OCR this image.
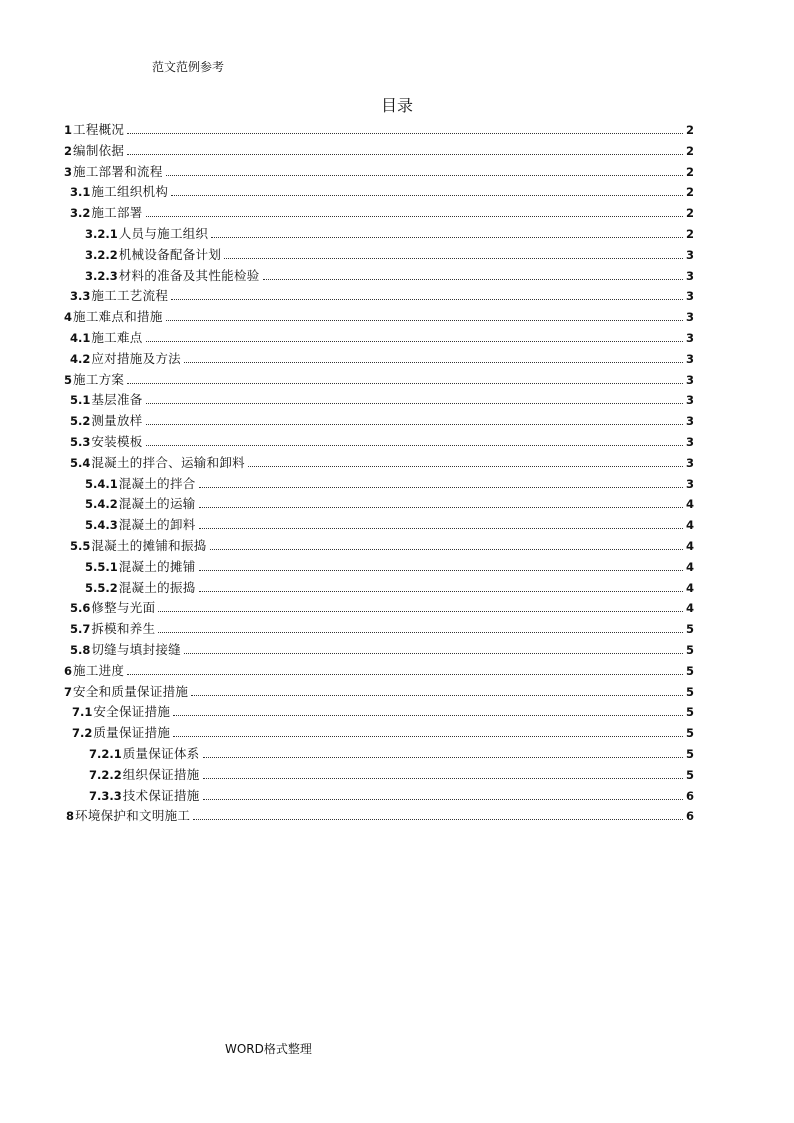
范文范例参考
目录
1 工程概况	2
2 编制依据	2
3 施工部署和流程	2
3.1 施工组织机构	2
3.2 施工部署	2
3.2.1 人员与施工组织	2
3.2.2 机械设备配备计划	3
3.2.3 材料的准备及其性能检验	3
3.3 施工工艺流程	3
4 施工难点和措施	3
4.1 施工难点	3
4.2 应对措施及方法	3
5 施工方案	3
5.1 基层准备	3
5.2 测量放样	3
5.3 安装模板	3
5.4 混凝土的拌合、运输和卸料	3
5.4.1 混凝土的拌合	3
5.4.2 混凝土的运输	4
5.4.3 混凝土的卸料	4
5.5 混凝土的摊铺和振捣	4
5.5.1 混凝土的摊铺	4
5.5.2 混凝土的振捣	4
5.6 修整与光面	4
5.7 拆模和养生	5
5.8 切缝与填封接缝	5
6 施工进度	5
7 安全和质量保证措施	5
7.1 安全保证措施	5
7.2 质量保证措施	5
7.2.1 质量保证体系	5
7.2.2 组织保证措施	5
7.3.3 技术保证措施	6
8 环境保护和文明施工	6
WORD格式整理
